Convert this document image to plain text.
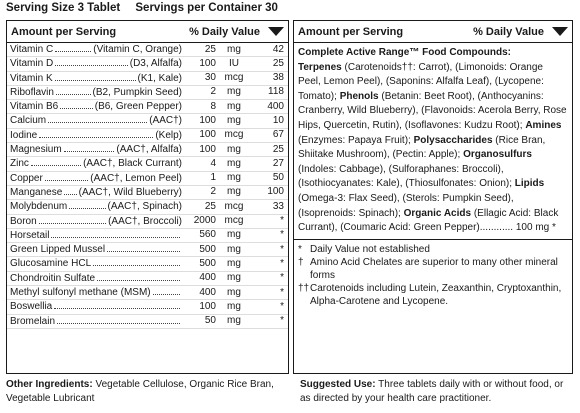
Serving Size 3 Tablet Servings per Container 30
Amount per Serving	% Daily Value
Vitamin C (Vitamin C, Orange)	25	mg	42

Vitamin D (D3, Alfalfa)	100	IU	25

Vitamin K (K1, Kale)	30	mcg	38

Riboflavin (B2, Pumpkin Seed)	2	mg	118

Vitamin B6 (B6, Green Pepper)	8	mg	400

Calcium (AAC†)	100	mg	10

Iodine (Kelp)	100	mcg	67

Magnesium (AAC†, Alfalfa)	100	mg	25

Zinc (AAC†, Black Currant)	4	mg	27

Copper (AAC†, Lemon Peel)	1	mg	50

Manganese (AAC†, Wild Blueberry)	2	mg	100

Molybdenum (AAC†, Spinach)	25	mcg	33

Boron (AAC†, Broccoli)	2000	mcg	*

Horsetail	560	mg	*

Green Lipped Mussel	500	mg	*

Glucosamine HCL	500	mg	*

Chondroitin Sulfate	400	mg	*

Methyl sulfonyl methane (MSM)	400	mg	*

Boswellia	100	mg	*

Bromelain	50	mg	*
Amount per Serving	% Daily Value
Complete Active Range™ Food Compounds:
Terpenes (Carotenoids††: Carrot), (Limonoids: Orange Peel, Lemon Peel), (Saponins: Alfalfa Leaf), (Lycopene: Tomato); Phenols (Betanin: Beet Root), (Anthocyanins: Cranberry, Wild Blueberry), (Flavonoids: Acerola Berry, Rose Hips, Quercetin, Rutin), (Isoflavones: Kudzu Root); Amines (Enzymes: Papaya Fruit); Polysaccharides (Rice Bran, Shiitake Mushroom), (Pectin: Apple); Organosulfurs (Indoles: Cabbage), (Sulforaphanes: Broccoli), (Isothiocyanates: Kale), (Thiosulfonates: Onion); Lipids (Omega-3: Flax Seed), (Sterols: Pumpkin Seed), (Isoprenoids: Spinach); Organic Acids (Ellagic Acid: Black Currant), (Coumaric Acid: Green Pepper)............ 100 mg *
* Daily Value not established
† Amino Acid Chelates are superior to many other mineral forms
†† Carotenoids including Lutein, Zeaxanthin, Cryptoxanthin, Alpha-Carotene and Lycopene.
Other Ingredients: Vegetable Cellulose, Organic Rice Bran, Vegetable Lubricant
Suggested Use: Three tablets daily with or without food, or as directed by your health care practitioner.
